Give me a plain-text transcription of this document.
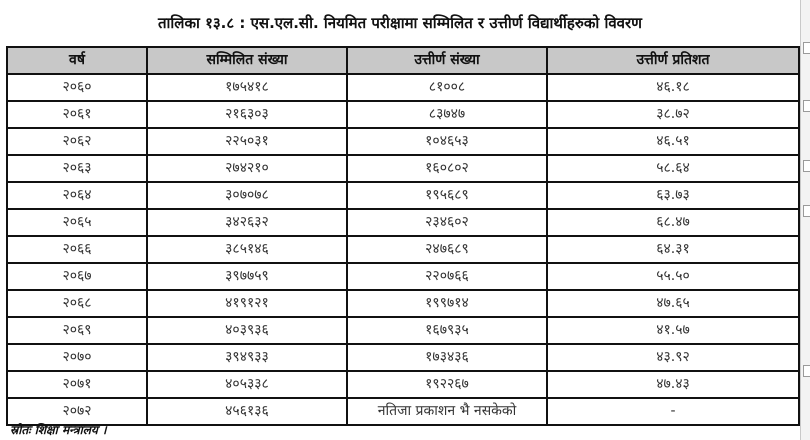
तालिका १३.८ : एस.एल.सी. नियमित परीक्षामा सम्मिलित र उत्तीर्ण विद्यार्थीहरुको विवरण
वर्ष	सम्मिलित संख्या	उत्तीर्ण संख्या	उत्तीर्ण प्रतिशत
२०६०	१७५४१८	८१००८	४६.१८
२०६१	२१६३०३	८३७४७	३८.७२
२०६२	२२५०३१	१०४६५३	४६.५१
२०६३	२७४२१०	१६०८०२	५८.६४
२०६४	३०७०७८	१९५६८९	६३.७३
२०६५	३४२६३२	२३४६०२	६८.४७
२०६६	३८५१४६	२४७६८९	६४.३१
२०६७	३९७७५९	२२०७६६	५५.५०
२०६८	४१९१२१	१९९७१४	४७.६५
२०६९	४०३९३६	१६७९३५	४१.५७
२०७०	३९४९३३	१७३४३६	४३.९२
२०७१	४०५३३८	१९२२६७	४७.४३
२०७२	४५६१३६	नतिजा प्रकाशन भै नसकेको	-
स्रोतः शिक्षा मन्त्रालय ।
